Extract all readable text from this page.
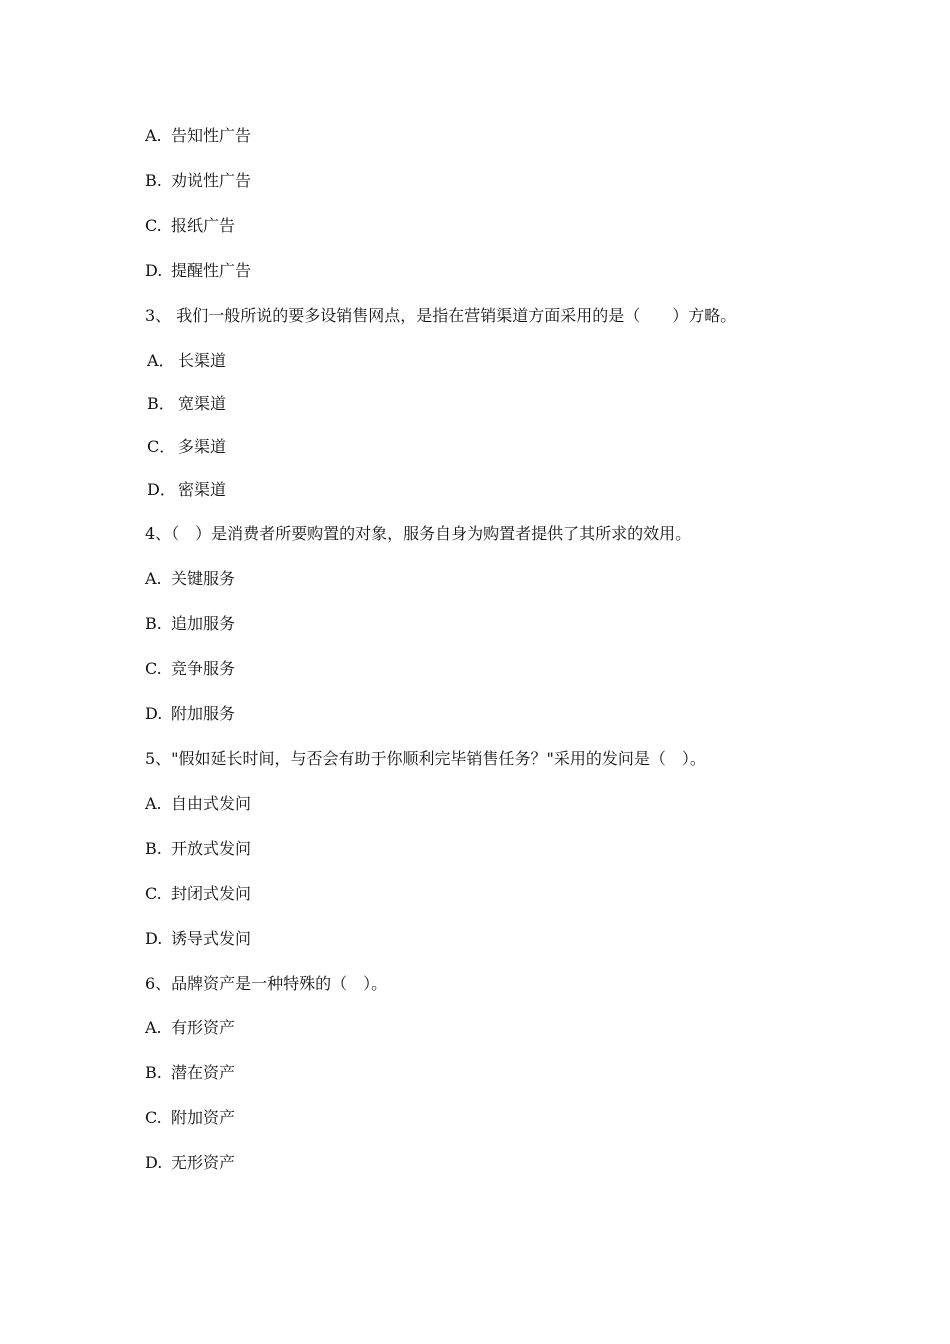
A. 告知性广告
B. 劝说性广告
C. 报纸广告
D. 提醒性广告
3、 我们一般所说的要多设销售网点，是指在营销渠道方面采用的是（　　）方略。
A． 长渠道
B． 宽渠道
C． 多渠道
D． 密渠道
4、（　）是消费者所要购置的对象，服务自身为购置者提供了其所求的效用。
A. 关键服务
B. 追加服务
C. 竞争服务
D. 附加服务
5、"假如延长时间，与否会有助于你顺利完毕销售任务？"采用的发问是（　）。
A. 自由式发问
B. 开放式发问
C. 封闭式发问
D. 诱导式发问
6、品牌资产是一种特殊的（　）。
A. 有形资产
B. 潜在资产
C. 附加资产
D. 无形资产
